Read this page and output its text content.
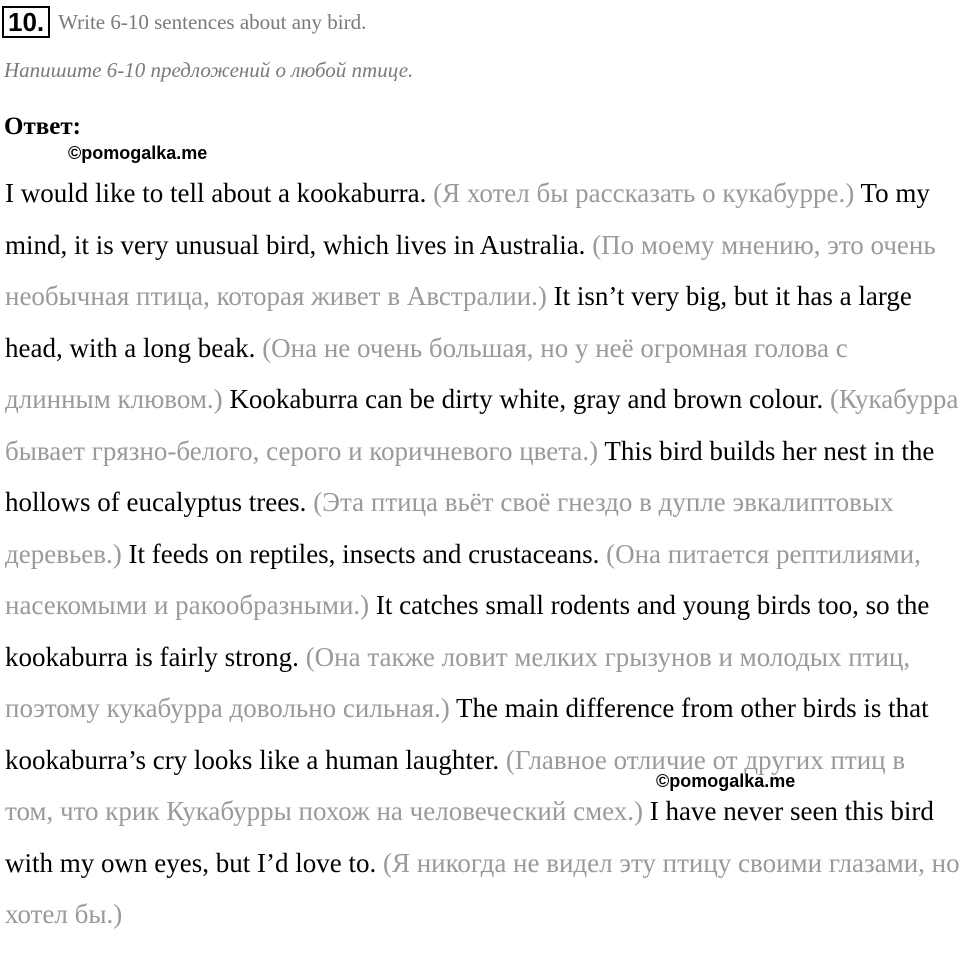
10. Write 6-10 sentences about any bird.
Напишите 6-10 предложений о любой птице.
Ответ:
©pomogalka.me
©pomogalka.me

I would like to tell about a kookaburra. (Я хотел бы рассказать о кукабурре.) To my mind, it is very unusual bird, which lives in Australia. (По моему мнению, это очень необычная птица, которая живет в Австралии.) It isn’t very big, but it has a large head, with a long beak. (Она не очень большая, но у неё огромная голова с длинным клювом.) Kookaburra can be dirty white, gray and brown colour. (Кукабурра бывает грязно-белого, серого и коричневого цвета.) This bird builds her nest in the hollows of eucalyptus trees. (Эта птица вьёт своё гнездо в дупле эвкалиптовых деревьев.) It feeds on reptiles, insects and crustaceans. (Она питается рептилиями, насекомыми и ракообразными.) It catches small rodents and young birds too, so the kookaburra is fairly strong. (Она также ловит мелких грызунов и молодых птиц, поэтому кукабурра довольно сильная.) The main difference from other birds is that kookaburra’s cry looks like a human laughter. (Главное отличие от других птиц в том, что крик Кукабурры похож на человеческий смех.) I have never seen this bird with my own eyes, but I’d love to. (Я никогда не видел эту птицу своими глазами, но хотел бы.)
